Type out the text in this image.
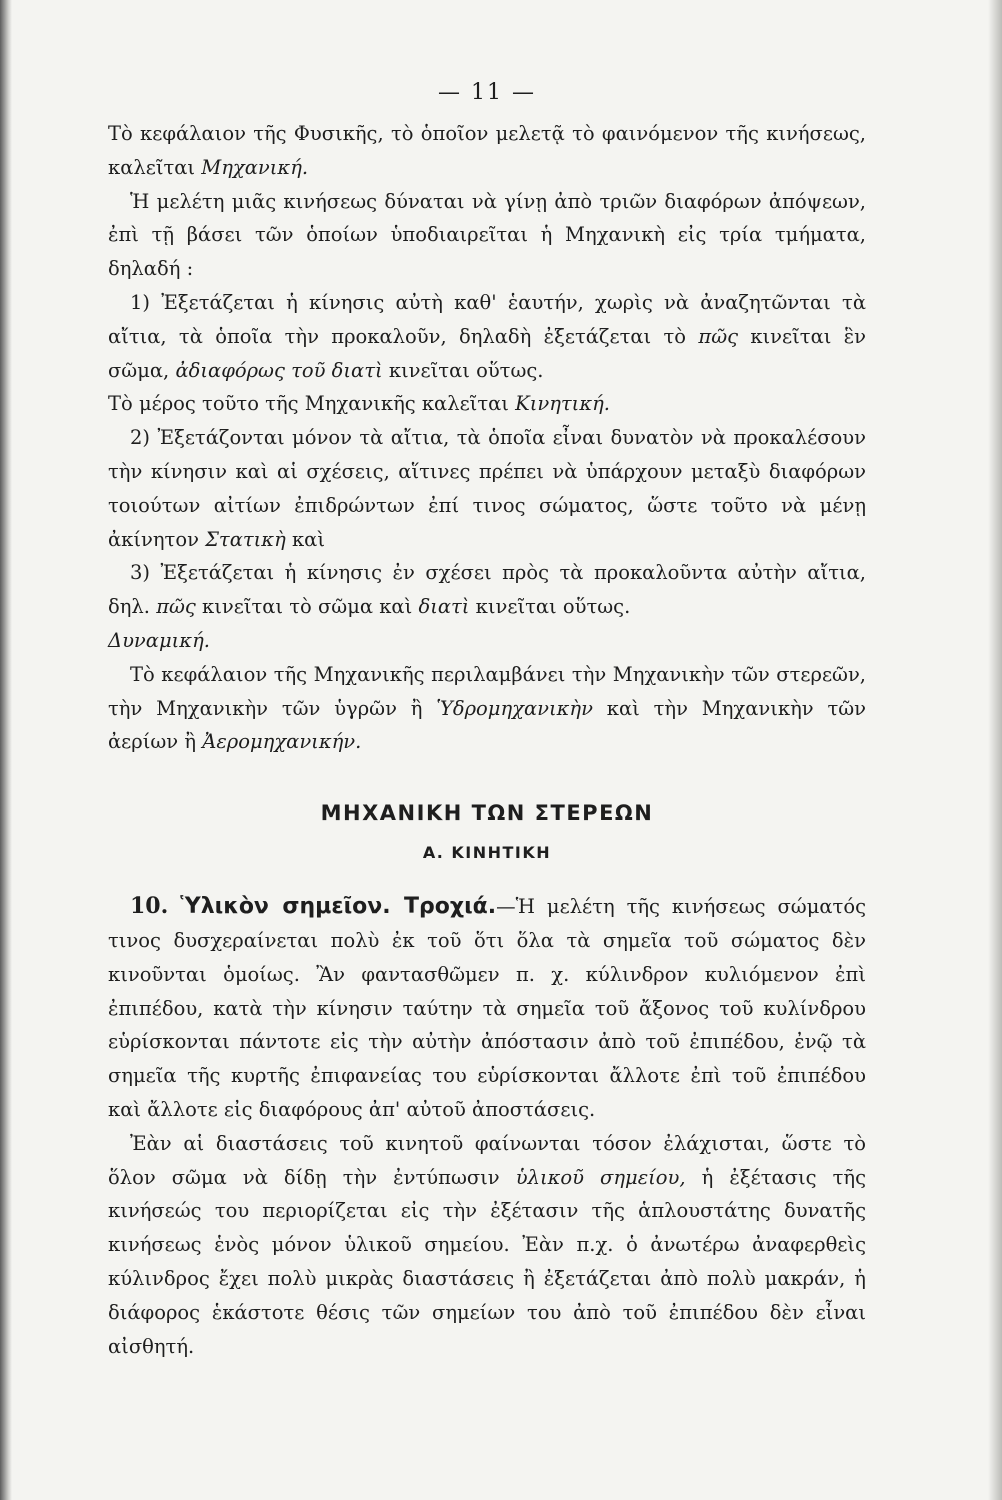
— 11 —

Τὸ κεφάλαιον τῆς Φυσικῆς, τὸ ὁποῖον μελετᾷ τὸ φαινόμενον τῆς κινήσεως, καλεῖται Μηχανική.

Ἡ μελέτη μιᾶς κινήσεως δύναται νὰ γίνῃ ἀπὸ τριῶν διαφόρων ἀπόψεων, ἐπὶ τῇ βάσει τῶν ὁποίων ὑποδιαιρεῖται ἡ Μηχανικὴ εἰς τρία τμήματα, δηλαδή :

1) Ἐξετάζεται ἡ κίνησις αὐτὴ καθ' ἑαυτήν, χωρὶς νὰ ἀναζητῶνται τὰ αἴτια, τὰ ὁποῖα τὴν προκαλοῦν, δηλαδὴ ἐξετάζεται τὸ πῶς κινεῖται ἓν σῶμα, ἀδιαφόρως τοῦ διατὶ κινεῖται οὕτως.

Τὸ μέρος τοῦτο τῆς Μηχανικῆς καλεῖται Κινητική.

2) Ἐξετάζονται μόνον τὰ αἴτια, τὰ ὁποῖα εἶναι δυνατὸν νὰ προκαλέσουν τὴν κίνησιν καὶ αἱ σχέσεις, αἵτινες πρέπει νὰ ὑπάρχουν μεταξὺ διαφόρων τοιούτων αἰτίων ἐπιδρώντων ἐπί τινος σώματος, ὥστε τοῦτο νὰ μένῃ ἀκίνητον Στατικὴ καὶ

3) Ἐξετάζεται ἡ κίνησις ἐν σχέσει πρὸς τὰ προκαλοῦντα αὐτὴν αἴτια, δηλ. πῶς κινεῖται τὸ σῶμα καὶ διατὶ κινεῖται οὕτως.

Δυναμική.

Τὸ κεφάλαιον τῆς Μηχανικῆς περιλαμβάνει τὴν Μηχανικὴν τῶν στερεῶν, τὴν Μηχανικὴν τῶν ὑγρῶν ἢ Ὑδρομηχανικὴν καὶ τὴν Μηχανικὴν τῶν ἀερίων ἢ Ἀερομηχανικήν.

ΜΗΧΑΝΙΚΗ ΤΩΝ ΣΤΕΡΕΩΝ
Α. ΚΙΝΗΤΙΚΗ

10. Ὑλικὸν σημεῖον. Τροχιά.—Ἡ μελέτη τῆς κινήσεως σώματός τινος δυσχεραίνεται πολὺ ἐκ τοῦ ὅτι ὅλα τὰ σημεῖα τοῦ σώματος δὲν κινοῦνται ὁμοίως. Ἂν φαντασθῶμεν π. χ. κύλινδρον κυλιόμενον ἐπὶ ἐπιπέδου, κατὰ τὴν κίνησιν ταύτην τὰ σημεῖα τοῦ ἄξονος τοῦ κυλίνδρου εὑρίσκονται πάντοτε εἰς τὴν αὐτὴν ἀπόστασιν ἀπὸ τοῦ ἐπιπέδου, ἐνῷ τὰ σημεῖα τῆς κυρτῆς ἐπιφανείας του εὑρίσκονται ἄλλοτε ἐπὶ τοῦ ἐπιπέδου καὶ ἄλλοτε εἰς διαφόρους ἀπ' αὐτοῦ ἀποστάσεις.

Ἐὰν αἱ διαστάσεις τοῦ κινητοῦ φαίνωνται τόσον ἐλάχισται, ὥστε τὸ ὅλον σῶμα νὰ δίδῃ τὴν ἐντύπωσιν ὑλικοῦ σημείου, ἡ ἐξέτασις τῆς κινήσεώς του περιορίζεται εἰς τὴν ἐξέτασιν τῆς ἁπλουστάτης δυνατῆς κινήσεως ἑνὸς μόνον ὑλικοῦ σημείου. Ἐὰν π.χ. ὁ ἀνωτέρω ἀναφερθεὶς κύλινδρος ἔχει πολὺ μικρὰς διαστάσεις ἢ ἐξετάζεται ἀπὸ πολὺ μακράν, ἡ διάφορος ἑκάστοτε θέσις τῶν σημείων του ἀπὸ τοῦ ἐπιπέδου δὲν εἶναι αἰσθητή.
